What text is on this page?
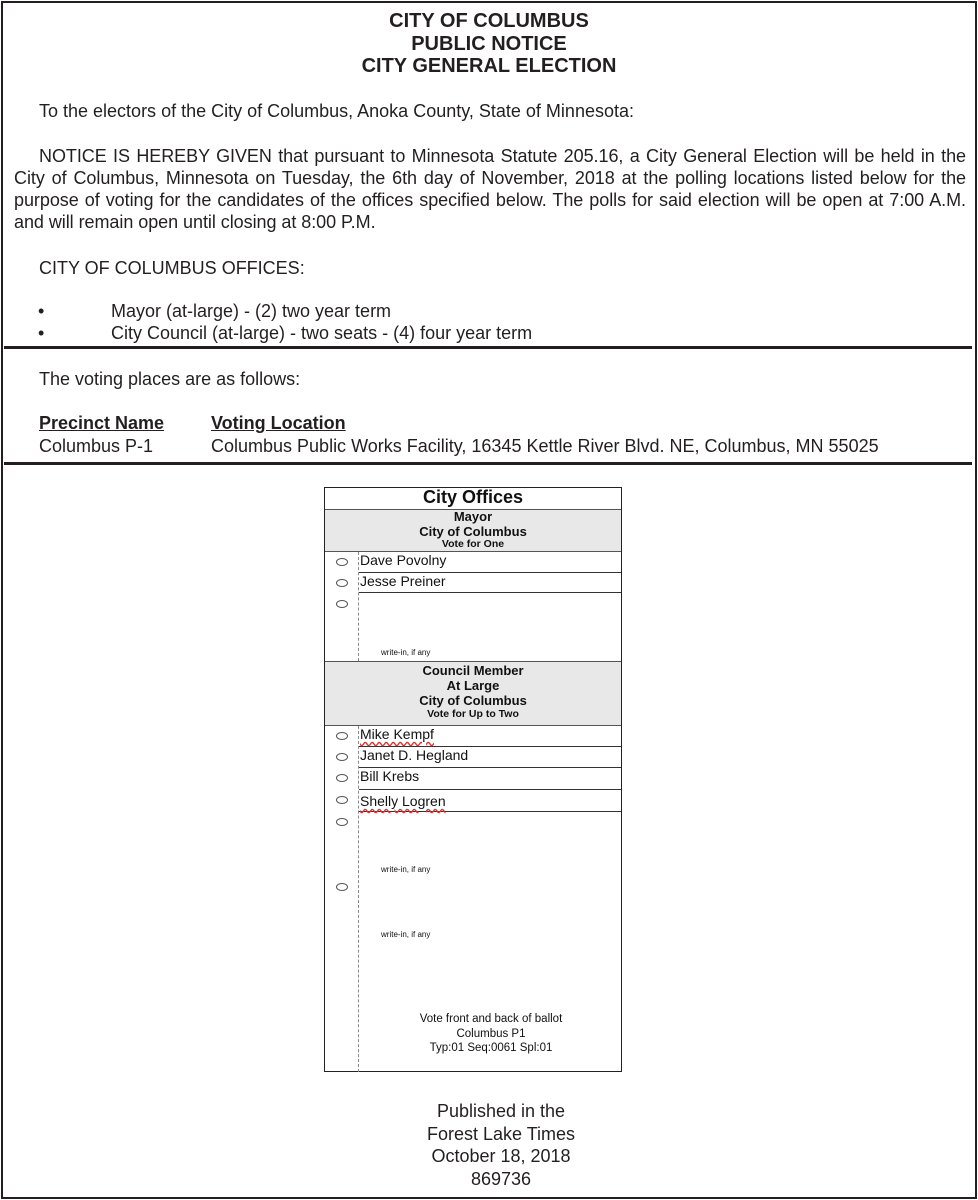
CITY OF COLUMBUS
PUBLIC NOTICE
CITY GENERAL ELECTION
To the electors of the City of Columbus, Anoka County, State of Minnesota:
NOTICE IS HEREBY GIVEN that pursuant to Minnesota Statute 205.16, a City General Election will be held in the City of Columbus, Minnesota on Tuesday, the 6th day of November, 2018 at the polling locations listed below for the purpose of voting for the candidates of the offices specified below. The polls for said election will be open at 7:00 A.M. and will remain open until closing at 8:00 P.M.
CITY OF COLUMBUS OFFICES:
•	Mayor (at-large) - (2) two year term
•	City Council (at-large) - two seats - (4) four year term
The voting places are as follows:
Precinct Name	Voting Location
Columbus P-1	Columbus Public Works Facility, 16345 Kettle River Blvd. NE, Columbus, MN 55025
City Offices
Mayor
City of Columbus
Vote for One
Dave Povolny
Jesse Preiner
write-in, if any
Council Member
At Large
City of Columbus
Vote for Up to Two
Mike Kempf
Janet D. Hegland
Bill Krebs
Shelly Logren
write-in, if any
write-in, if any
Vote front and back of ballot
Columbus P1
Typ:01 Seq:0061 Spl:01
Published in the
Forest Lake Times
October 18, 2018
869736
